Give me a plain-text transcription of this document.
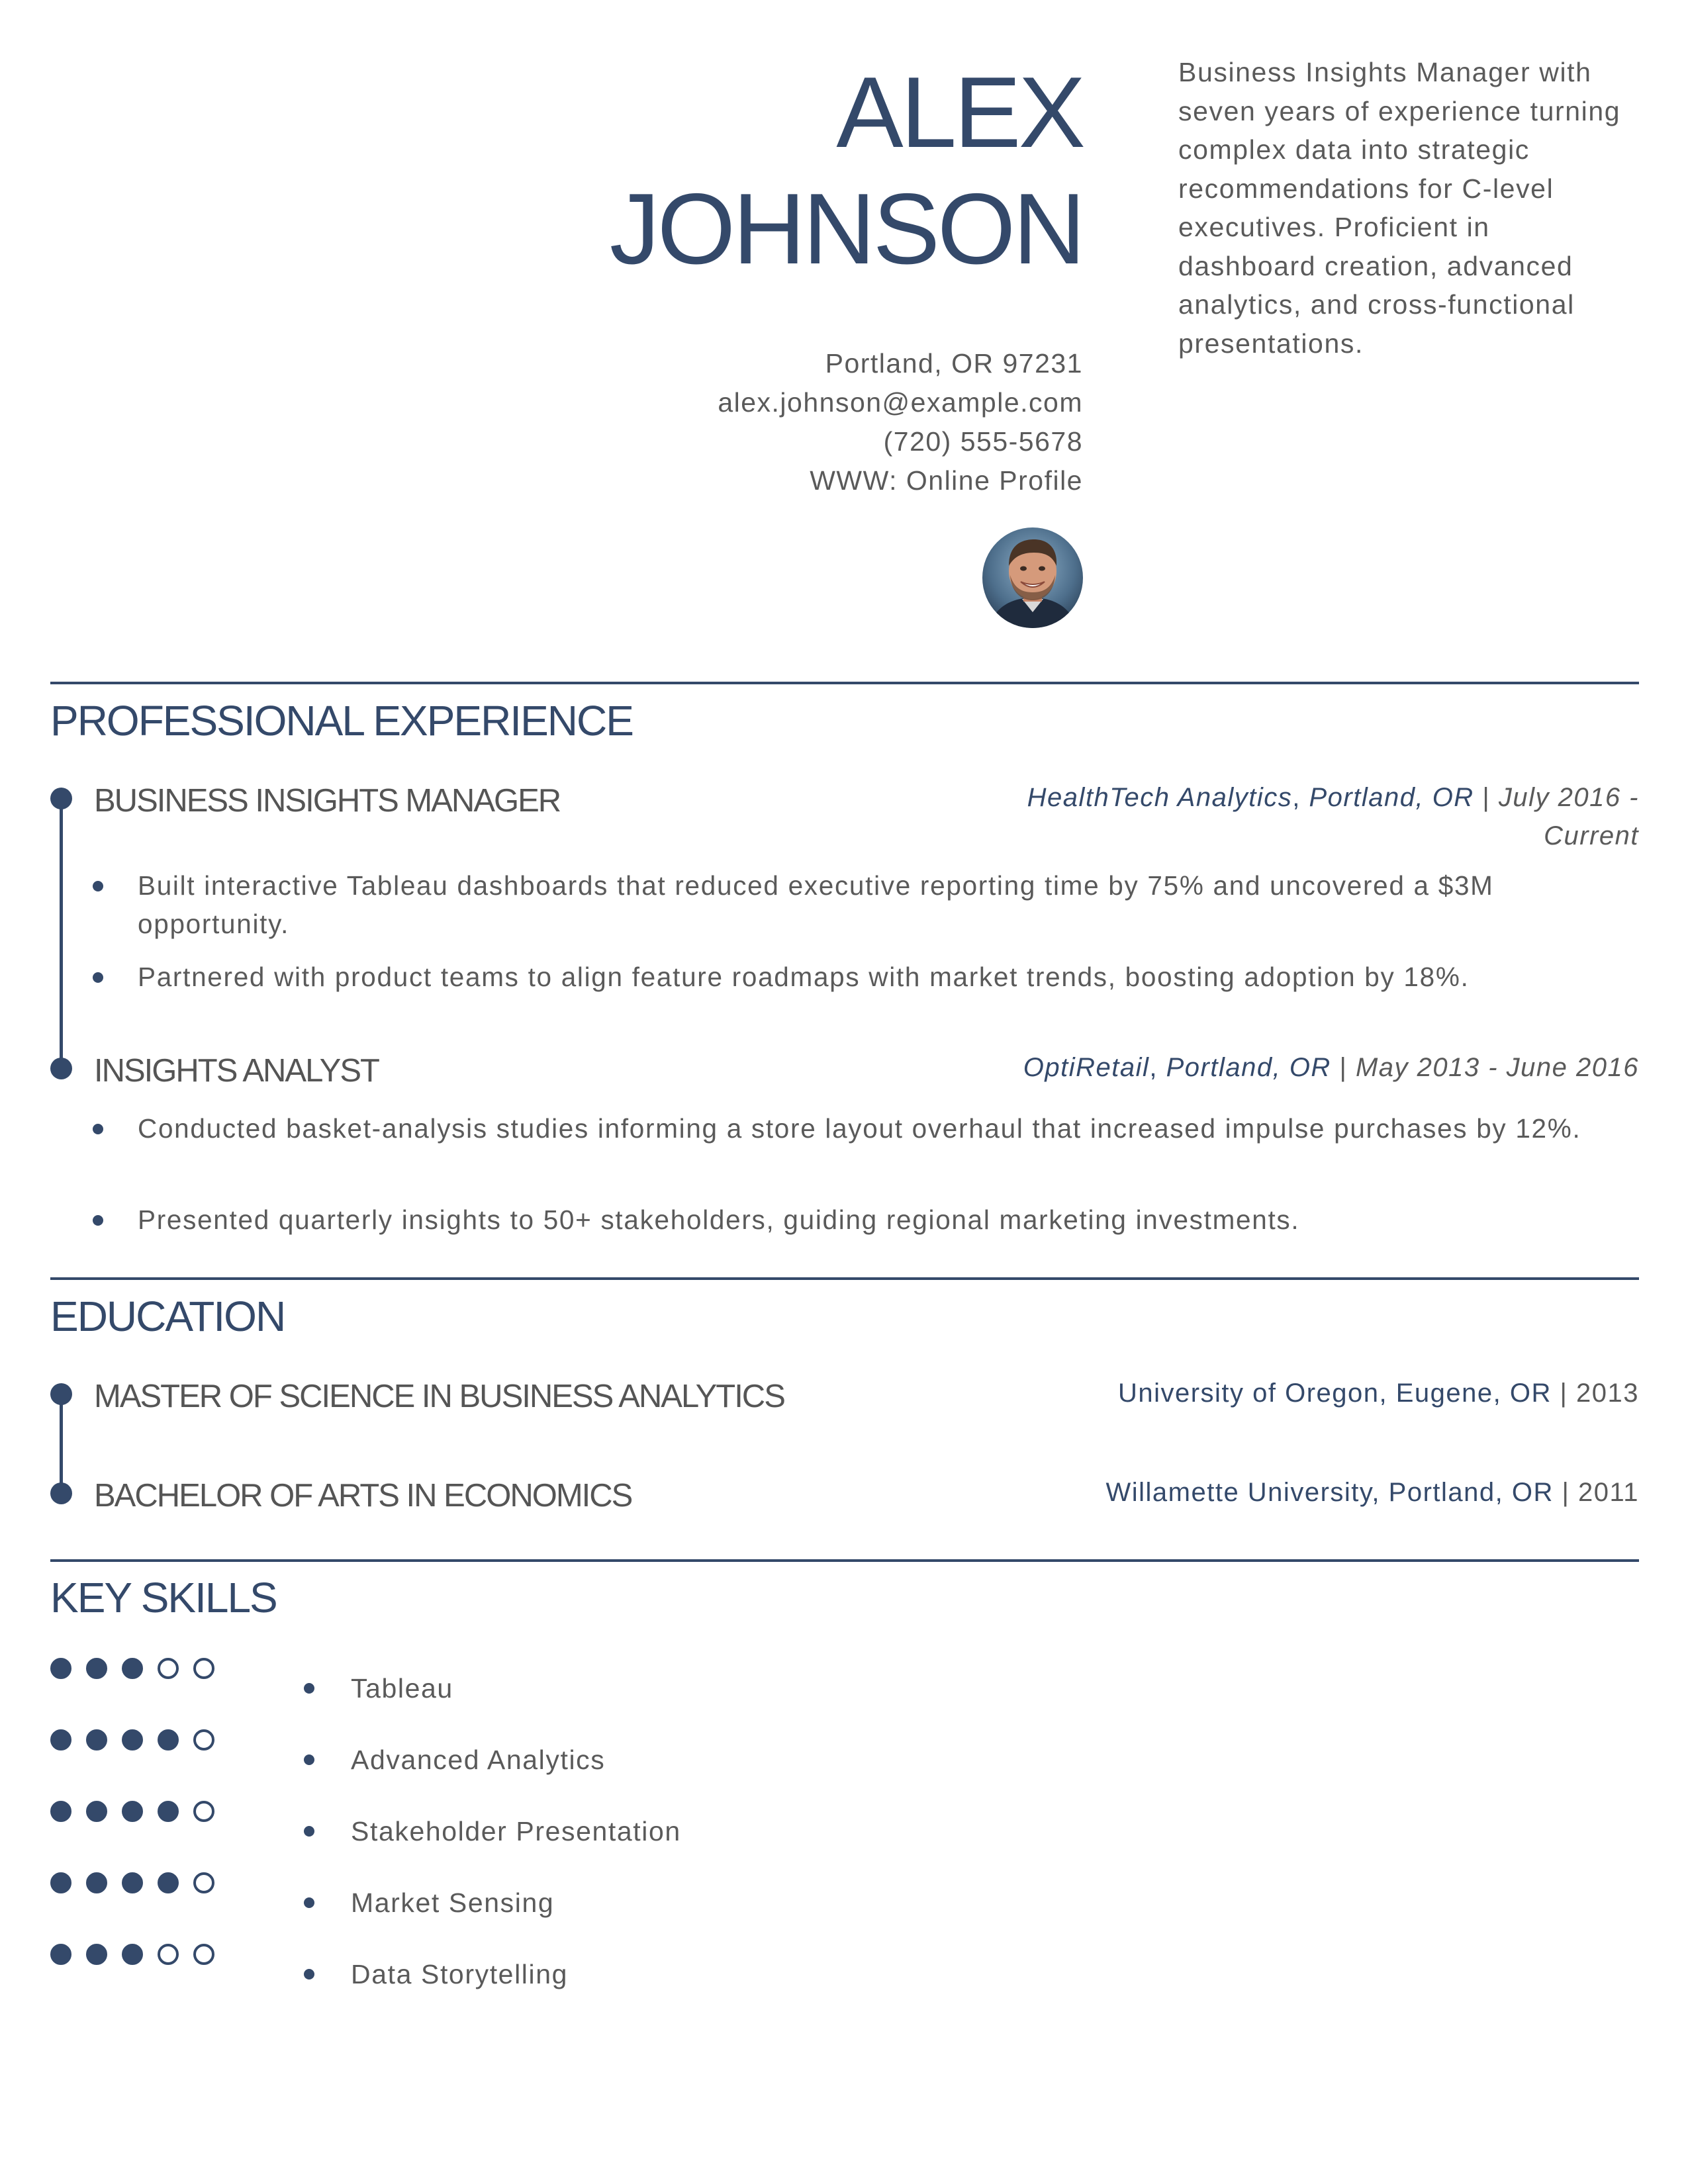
ALEX
JOHNSON
Business Insights Manager with seven years of experience turning complex data into strategic recommendations for C-level executives. Proficient in dashboard creation, advanced analytics, and cross-functional presentations.
Portland, OR 97231
alex.johnson@example.com
(720) 555-5678
WWW: Online Profile
PROFESSIONAL EXPERIENCE
BUSINESS INSIGHTS MANAGER	HealthTech Analytics, Portland, OR | July 2016 -
Current
Built interactive Tableau dashboards that reduced executive reporting time by 75% and uncovered a $3M opportunity.
Partnered with product teams to align feature roadmaps with market trends, boosting adoption by 18%.
INSIGHTS ANALYST	OptiRetail, Portland, OR | May 2013 - June 2016
Conducted basket-analysis studies informing a store layout overhaul that increased impulse purchases by 12%.
Presented quarterly insights to 50+ stakeholders, guiding regional marketing investments.
EDUCATION
MASTER OF SCIENCE IN BUSINESS ANALYTICS	University of Oregon, Eugene, OR | 2013
BACHELOR OF ARTS IN ECONOMICS	Willamette University, Portland, OR | 2011
KEY SKILLS
Tableau
Advanced Analytics
Stakeholder Presentation
Market Sensing
Data Storytelling
